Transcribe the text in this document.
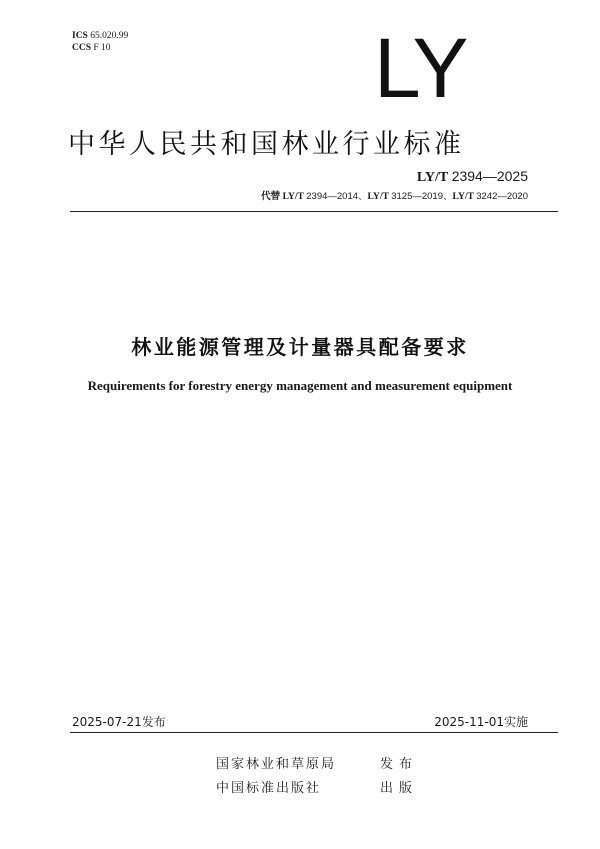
ICS 65.020.99
CCS F 10	LY
中华人民共和国林业行业标准
LY/T 2394—2025
代替 LY/T 2394—2014、LY/T 3125—2019、LY/T 3242—2020
林业能源管理及计量器具配备要求
Requirements for forestry energy management and measurement equipment
2025-07-21发布	2025-11-01实施
国家林业和草原局	发布
中国标准出版社	出版
